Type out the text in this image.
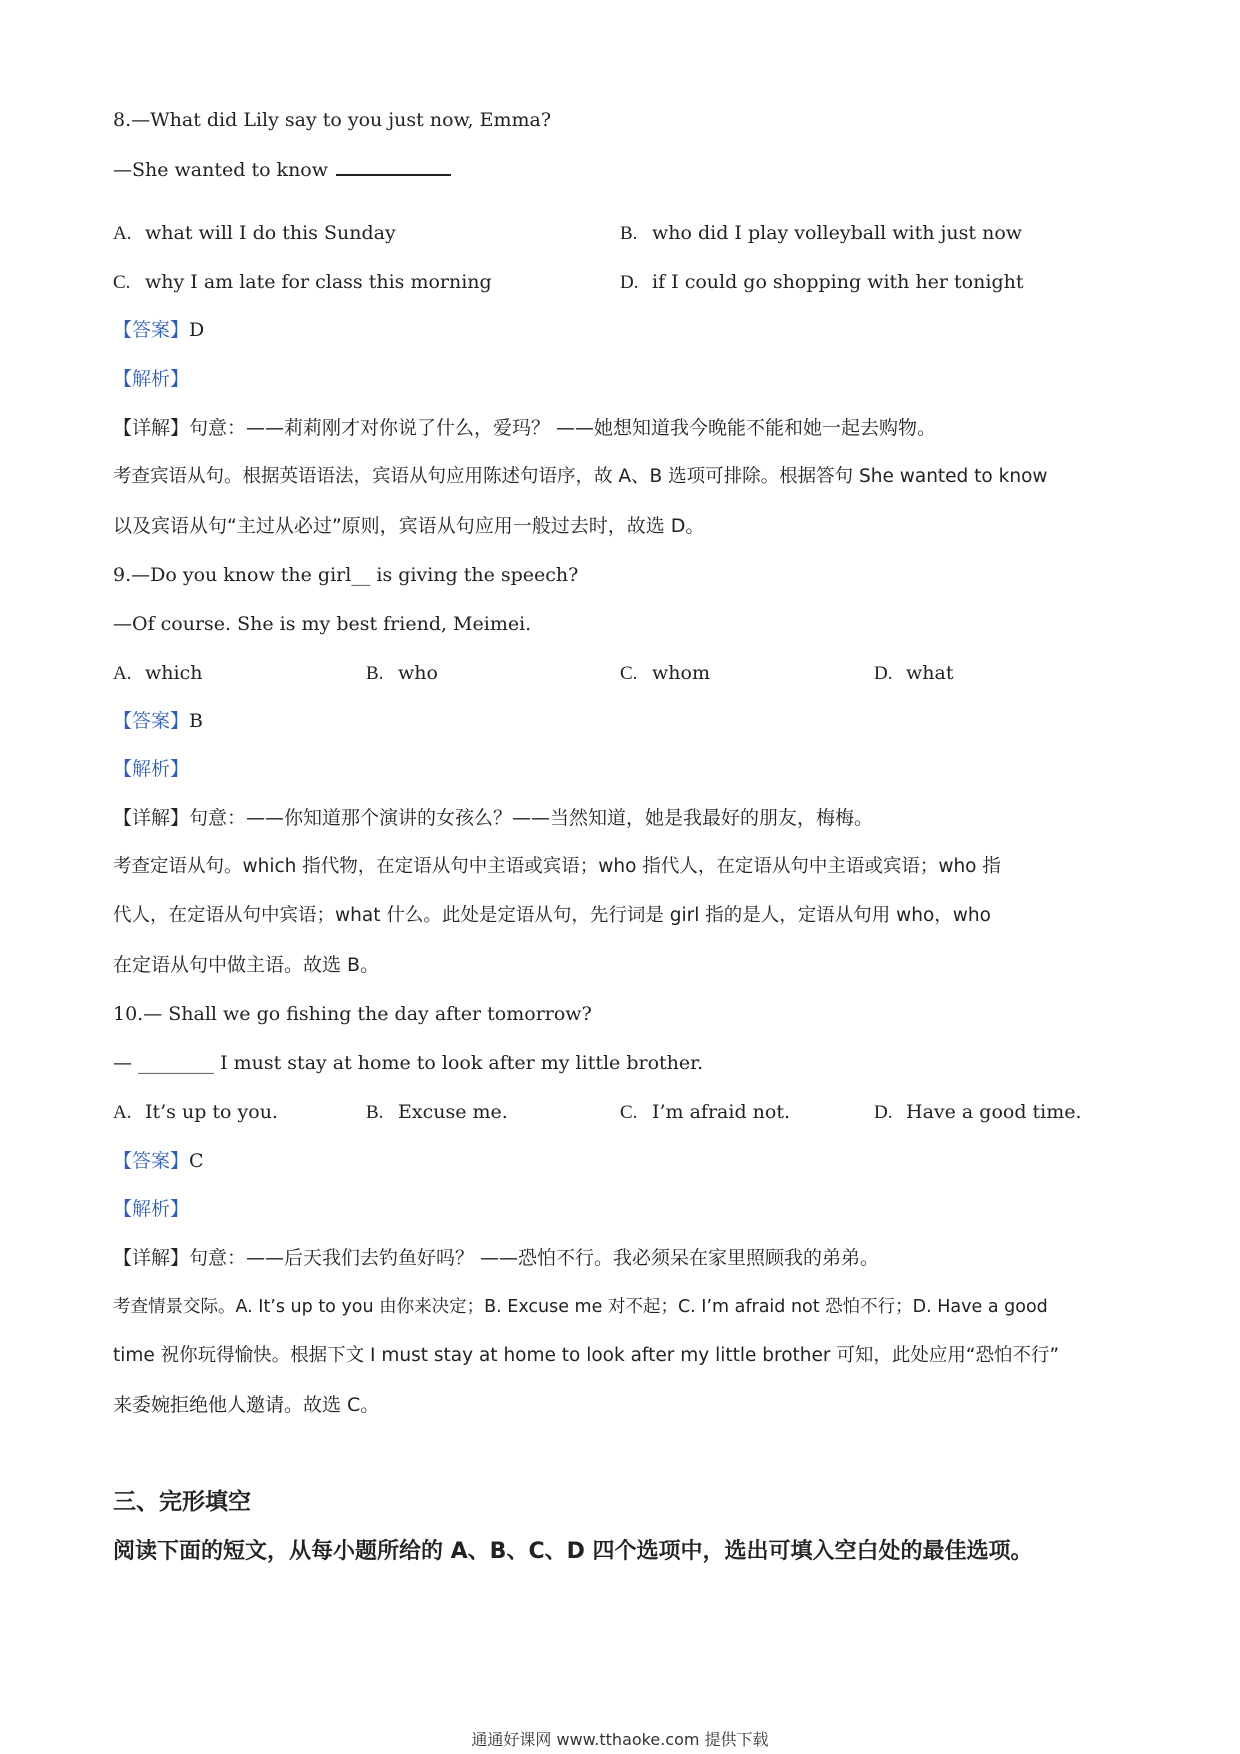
8.—What did Lily say to you just now, Emma?
—She wanted to know
A. what will I do this Sunday	B. who did I play volleyball with just now
C. why I am late for class this morning	D. if I could go shopping with her tonight
【答案】D
【解析】
【详解】句意：——莉莉刚才对你说了什么，爱玛？ ——她想知道我今晚能不能和她一起去购物。
考查宾语从句。根据英语语法，宾语从句应用陈述句语序，故 A、B 选项可排除。根据答句 She wanted to know
以及宾语从句“主过从必过”原则，宾语从句应用一般过去时，故选 D。
9.—Do you know the girl__ is giving the speech?
—Of course. She is my best friend, Meimei.
A. which	B. who	C. whom	D. what
【答案】B
【解析】
【详解】句意：——你知道那个演讲的女孩么？——当然知道，她是我最好的朋友，梅梅。
考查定语从句。which 指代物，在定语从句中主语或宾语；who 指代人，在定语从句中主语或宾语；who 指
代人，在定语从句中宾语；what 什么。此处是定语从句，先行词是 girl 指的是人，定语从句用 who，who
在定语从句中做主语。故选 B。
10.— Shall we go fishing the day after tomorrow?
— ________ I must stay at home to look after my little brother.
A. It’s up to you.	B. Excuse me.	C. I’m afraid not.	D. Have a good time.
【答案】C
【解析】
【详解】句意：——后天我们去钓鱼好吗？ ——恐怕不行。我必须呆在家里照顾我的弟弟。
考查情景交际。A. It’s up to you 由你来决定；B. Excuse me 对不起；C. I’m afraid not 恐怕不行；D. Have a good
time 祝你玩得愉快。根据下文 I must stay at home to look after my little brother 可知，此处应用“恐怕不行”
来委婉拒绝他人邀请。故选 C。
三、完形填空
阅读下面的短文，从每小题所给的 A、B、C、D 四个选项中，选出可填入空白处的最佳选项。
通通好课网 www.tthaoke.com 提供下载
